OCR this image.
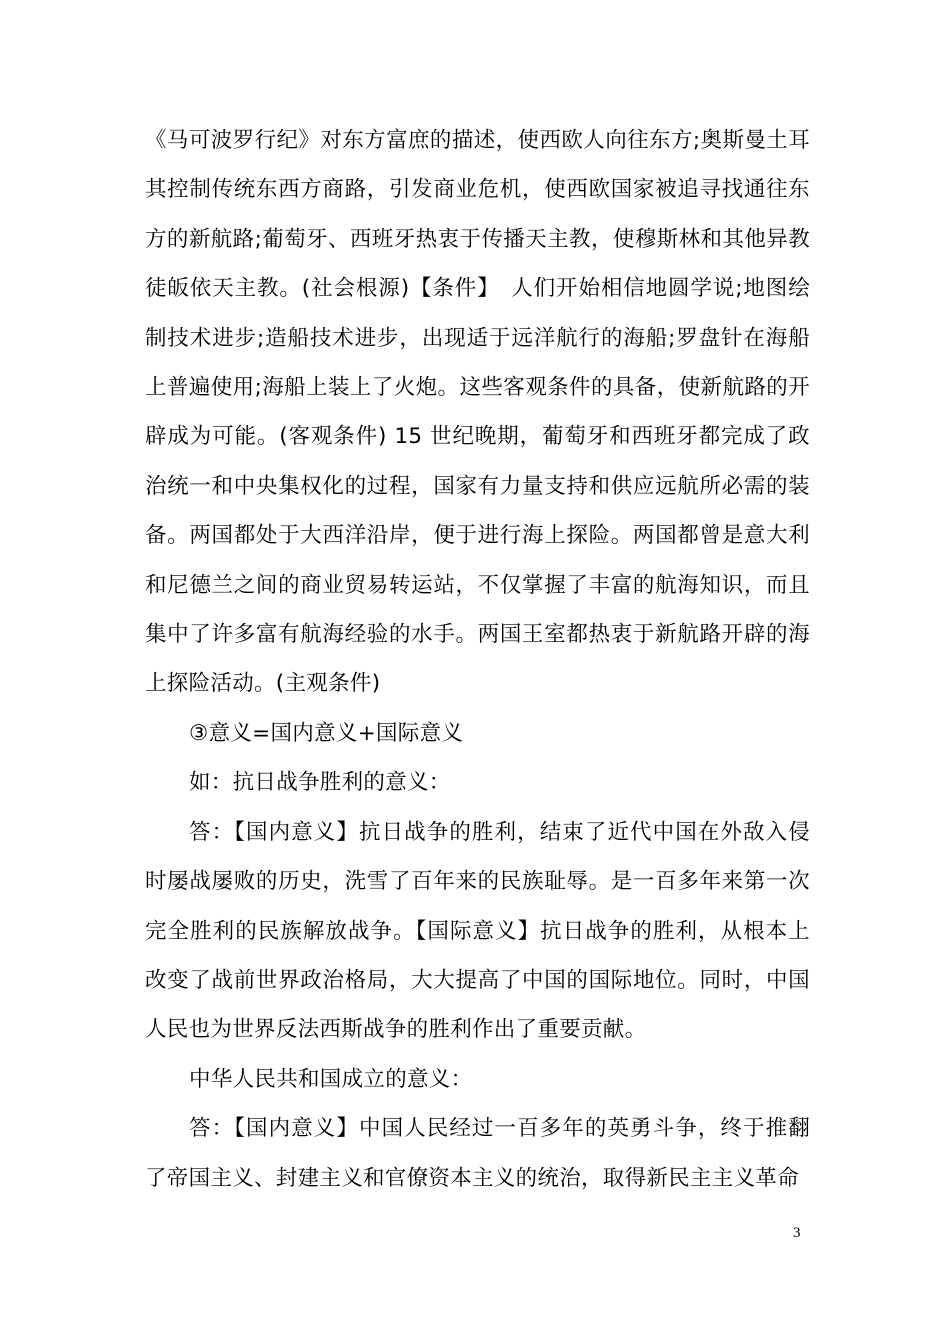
《马可波罗行纪》对东方富庶的描述，使西欧人向往东方;奥斯曼土耳其控制传统东西方商路，引发商业危机，使西欧国家被追寻找通往东方的新航路;葡萄牙、西班牙热衷于传播天主教，使穆斯林和其他异教徒皈依天主教。(社会根源)【条件】　人们开始相信地圆学说;地图绘制技术进步;造船技术进步，出现适于远洋航行的海船;罗盘针在海船上普遍使用;海船上装上了火炮。这些客观条件的具备，使新航路的开辟成为可能。(客观条件) 15 世纪晚期，葡萄牙和西班牙都完成了政治统一和中央集权化的过程，国家有力量支持和供应远航所必需的装备。两国都处于大西洋沿岸，便于进行海上探险。两国都曾是意大利和尼德兰之间的商业贸易转运站，不仅掌握了丰富的航海知识，而且集中了许多富有航海经验的水手。两国王室都热衷于新航路开辟的海上探险活动。(主观条件)

③意义=国内意义+国际意义

如：抗日战争胜利的意义：

答：【国内意义】抗日战争的胜利，结束了近代中国在外敌入侵时屡战屡败的历史，洗雪了百年来的民族耻辱。是一百多年来第一次完全胜利的民族解放战争。【国际意义】抗日战争的胜利，从根本上改变了战前世界政治格局，大大提高了中国的国际地位。同时，中国人民也为世界反法西斯战争的胜利作出了重要贡献。

中华人民共和国成立的意义：

答：【国内意义】中国人民经过一百多年的英勇斗争，终于推翻了帝国主义、封建主义和官僚资本主义的统治，取得新民主主义革命

3
